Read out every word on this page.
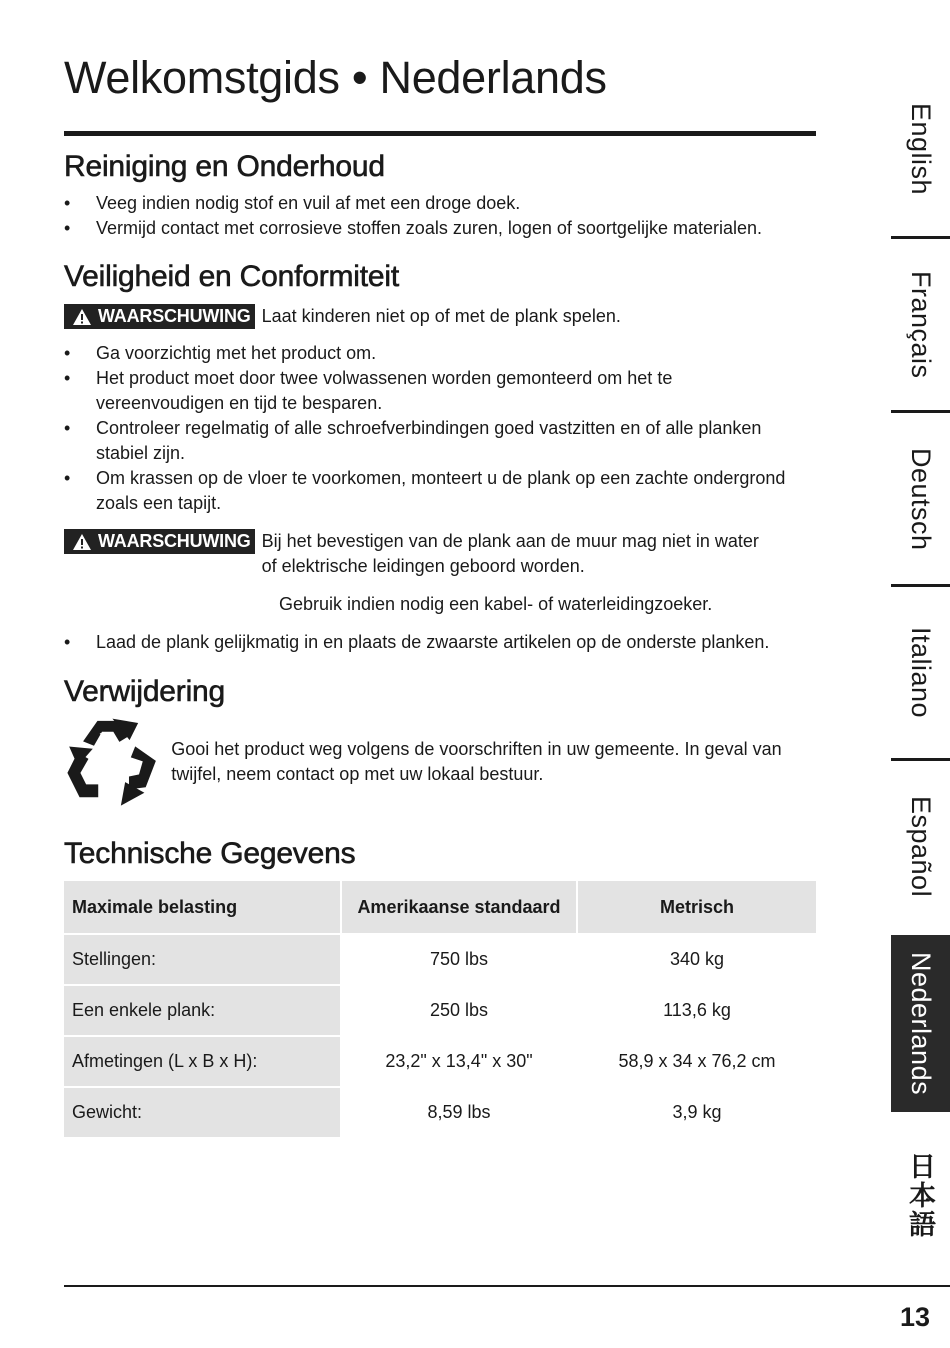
Welkomstgids • Nederlands
Reiniging en Onderhoud
• Veeg indien nodig stof en vuil af met een droge doek.
• Vermijd contact met corrosieve stoffen zoals zuren, logen of soortgelijke materialen.
Veiligheid en Conformiteit
WAARSCHUWING Laat kinderen niet op of met de plank spelen.
• Ga voorzichtig met het product om.
• Het product moet door twee volwassenen worden gemonteerd om het te vereenvoudigen en tijd te besparen.
• Controleer regelmatig of alle schroefverbindingen goed vastzitten en of alle planken stabiel zijn.
• Om krassen op de vloer te voorkomen, monteert u de plank op een zachte ondergrond zoals een tapijt.
WAARSCHUWING Bij het bevestigen van de plank aan de muur mag niet in water of elektrische leidingen geboord worden.
Gebruik indien nodig een kabel- of waterleidingzoeker.
• Laad de plank gelijkmatig in en plaats de zwaarste artikelen op de onderste planken.
Verwijdering
Gooi het product weg volgens de voorschriften in uw gemeente. In geval van twijfel, neem contact op met uw lokaal bestuur.
Technische Gegevens
Maximale belasting	Amerikaanse standaard	Metrisch
Stellingen:	750 lbs	340 kg
Een enkele plank:	250 lbs	113,6 kg
Afmetingen (L x B x H):	23,2" x 13,4" x 30"	58,9 x 34 x 76,2 cm
Gewicht:	8,59 lbs	3,9 kg
English
Français
Deutsch
Italiano
Español
Nederlands
日本語
13
